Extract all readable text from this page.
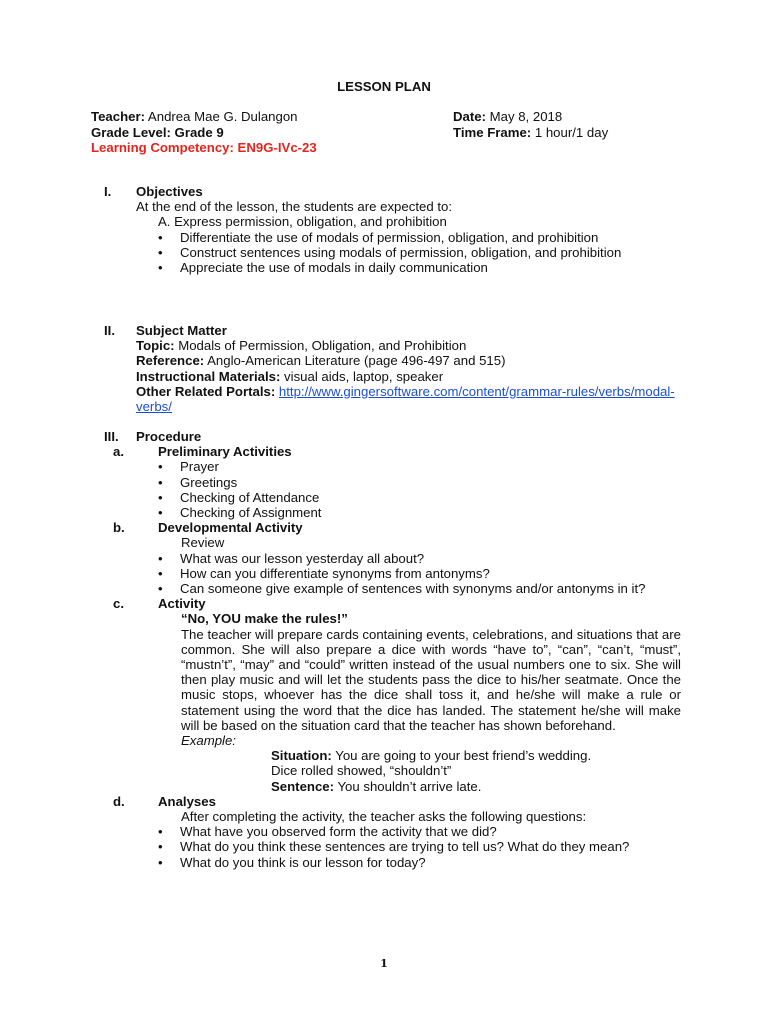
LESSON PLAN
Teacher: Andrea Mae G. Dulangon	Date: May 8, 2018
Grade Level: Grade 9	Time Frame: 1 hour/1 day
Learning Competency: EN9G-IVc-23
I. Objectives
At the end of the lesson, the students are expected to:
A. Express permission, obligation, and prohibition
• Differentiate the use of modals of permission, obligation, and prohibition
• Construct sentences using modals of permission, obligation, and prohibition
• Appreciate the use of modals in daily communication
II. Subject Matter
Topic: Modals of Permission, Obligation, and Prohibition
Reference: Anglo-American Literature (page 496-497 and 515)
Instructional Materials: visual aids, laptop, speaker
Other Related Portals: http://www.gingersoftware.com/content/grammar-rules/verbs/modal-verbs/
III. Procedure
a.	Preliminary Activities
• Prayer
• Greetings
• Checking of Attendance
• Checking of Assignment
b.	Developmental Activity
Review
• What was our lesson yesterday all about?
• How can you differentiate synonyms from antonyms?
• Can someone give example of sentences with synonyms and/or antonyms in it?
c.	Activity
“No, YOU make the rules!”
The teacher will prepare cards containing events, celebrations, and situations that are common. She will also prepare a dice with words “have to”, “can”, “can’t, “must”, “mustn’t”, “may” and “could” written instead of the usual numbers one to six. She will then play music and will let the students pass the dice to his/her seatmate. Once the music stops, whoever has the dice shall toss it, and he/she will make a rule or statement using the word that the dice has landed. The statement he/she will make will be based on the situation card that the teacher has shown beforehand.
Example:
Situation: You are going to your best friend’s wedding.
Dice rolled showed, “shouldn’t”
Sentence: You shouldn’t arrive late.
d.	Analyses
After completing the activity, the teacher asks the following questions:
• What have you observed form the activity that we did?
• What do you think these sentences are trying to tell us? What do they mean?
• What do you think is our lesson for today?
1
